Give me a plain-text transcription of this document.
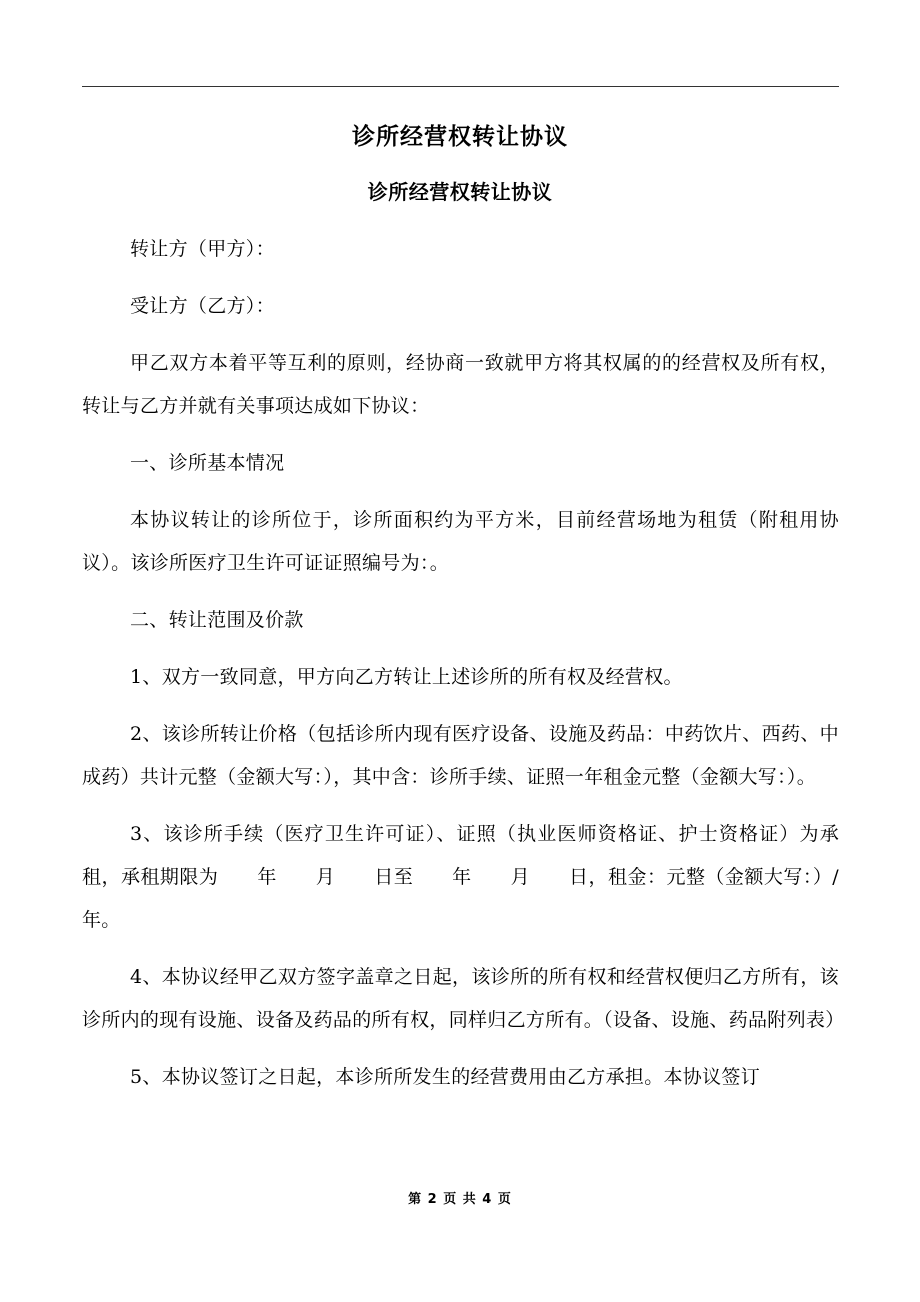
诊所经营权转让协议
诊所经营权转让协议

转让方（甲方）：

受让方（乙方）：

甲乙双方本着平等互利的原则，经协商一致就甲方将其权属的的经营权及所有权，转让与乙方并就有关事项达成如下协议：

一、诊所基本情况

本协议转让的诊所位于，诊所面积约为平方米，目前经营场地为租赁（附租用协议）。该诊所医疗卫生许可证证照编号为：。

二、转让范围及价款

1、双方一致同意，甲方向乙方转让上述诊所的所有权及经营权。

2、该诊所转让价格（包括诊所内现有医疗设备、设施及药品：中药饮片、西药、中成药）共计元整（金额大写：），其中含：诊所手续、证照一年租金元整（金额大写：）。

3、该诊所手续（医疗卫生许可证）、证照（执业医师资格证、护士资格证）为承租，承租期限为　　年　　月　　日至　　年　　月　　日，租金：元整（金额大写：）/年。

4、本协议经甲乙双方签字盖章之日起，该诊所的所有权和经营权便归乙方所有，该诊所内的现有设施、设备及药品的所有权，同样归乙方所有。（设备、设施、药品附列表）

5、本协议签订之日起，本诊所所发生的经营费用由乙方承担。本协议签订

第 2 页 共 4 页
